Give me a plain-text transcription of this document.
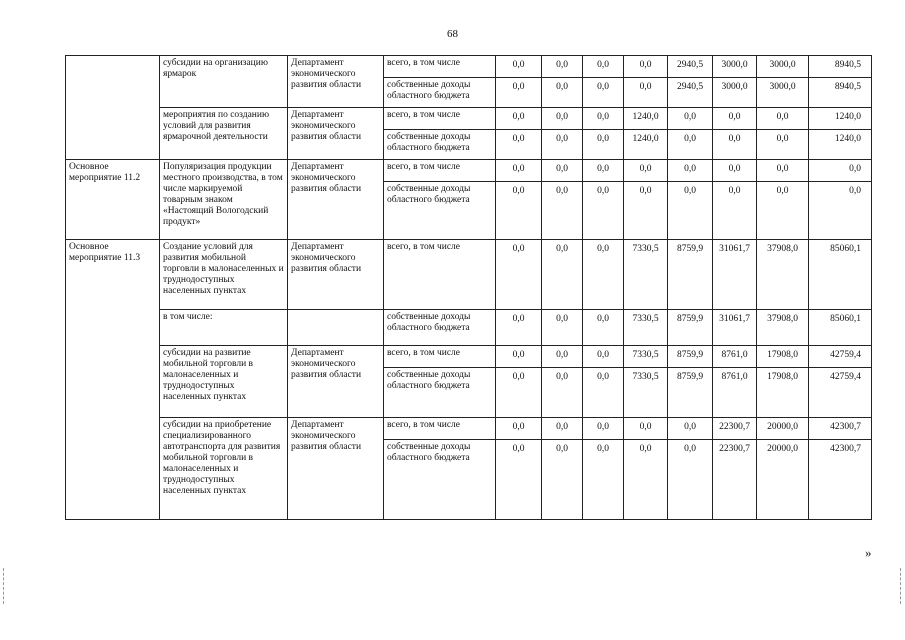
68
	субсидии на организацию ярмарок	Департамент экономического развития области	всего, в том числе	0,0	0,0	0,0	0,0	2940,5	3000,0	3000,0	8940,5
			собственные доходы областного бюджета	0,0	0,0	0,0	0,0	2940,5	3000,0	3000,0	8940,5
	мероприятия по созданию условий для развития ярмарочной деятельности	Департамент экономического развития области	всего, в том числе	0,0	0,0	0,0	1240,0	0,0	0,0	0,0	1240,0
			собственные доходы областного бюджета	0,0	0,0	0,0	1240,0	0,0	0,0	0,0	1240,0
Основное мероприятие 11.2	Популяризация продукции местного производства, в том числе маркируемой товарным знаком «Настоящий Вологодский продукт»	Департамент экономического развития области	всего, в том числе	0,0	0,0	0,0	0,0	0,0	0,0	0,0	0,0
			собственные доходы областного бюджета	0,0	0,0	0,0	0,0	0,0	0,0	0,0	0,0
Основное мероприятие 11.3	Создание условий для развития мобильной торговли в малонаселенных и труднодоступных населенных пунктах	Департамент экономического развития области	всего, в том числе	0,0	0,0	0,0	7330,5	8759,9	31061,7	37908,0	85060,1
	в том числе:		собственные доходы областного бюджета	0,0	0,0	0,0	7330,5	8759,9	31061,7	37908,0	85060,1
	субсидии на развитие мобильной торговли в малонаселенных и труднодоступных населенных пунктах	Департамент экономического развития области	всего, в том числе	0,0	0,0	0,0	7330,5	8759,9	8761,0	17908,0	42759,4
			собственные доходы областного бюджета	0,0	0,0	0,0	7330,5	8759,9	8761,0	17908,0	42759,4
	субсидии на приобретение специализированного автотранспорта для развития мобильной торговли в малонаселенных и труднодоступных населенных пунктах	Департамент экономического развития области	всего, в том числе	0,0	0,0	0,0	0,0	0,0	22300,7	20000,0	42300,7
			собственные доходы областного бюджета	0,0	0,0	0,0	0,0	0,0	22300,7	20000,0	42300,7
»
